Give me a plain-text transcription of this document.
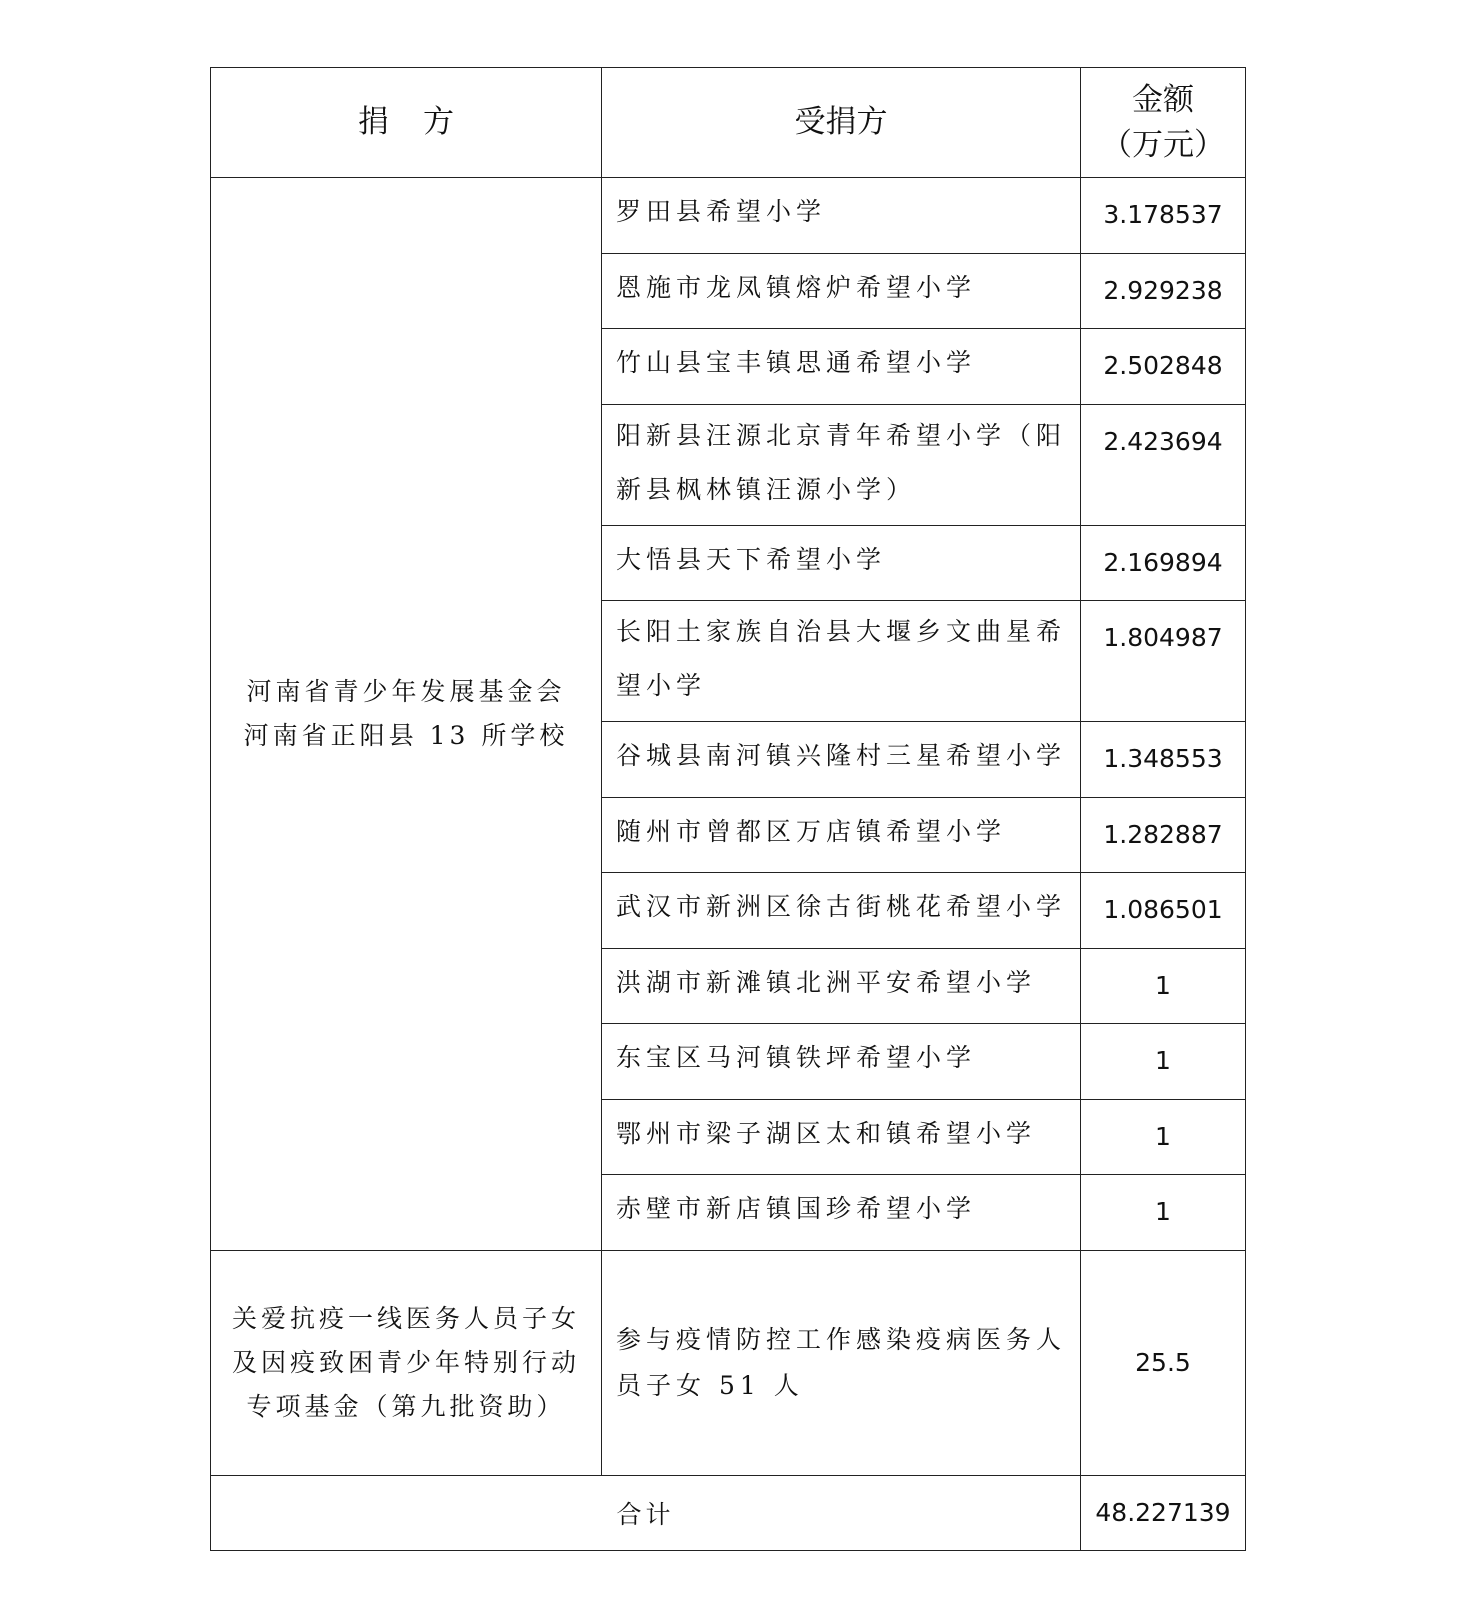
捐方	受捐方	金额
（万元）

河南省青少年发展基金会
河南省正阳县 13 所学校	罗田县希望小学	3.178537
	恩施市龙凤镇熔炉希望小学	2.929238
	竹山县宝丰镇思通希望小学	2.502848
	阳新县汪源北京青年希望小学（阳新县枫林镇汪源小学）	2.423694
	大悟县天下希望小学	2.169894
	长阳土家族自治县大堰乡文曲星希望小学	1.804987
	谷城县南河镇兴隆村三星希望小学	1.348553
	随州市曾都区万店镇希望小学	1.282887
	武汉市新洲区徐古街桃花希望小学	1.086501
	洪湖市新滩镇北洲平安希望小学	1
	东宝区马河镇铁坪希望小学	1
	鄂州市梁子湖区太和镇希望小学	1
	赤壁市新店镇国珍希望小学	1

关爱抗疫一线医务人员子女
及因疫致困青少年特别行动
专项基金（第九批资助）	参与疫情防控工作感染疫病医务人员子女 51 人	25.5
合计		48.227139
